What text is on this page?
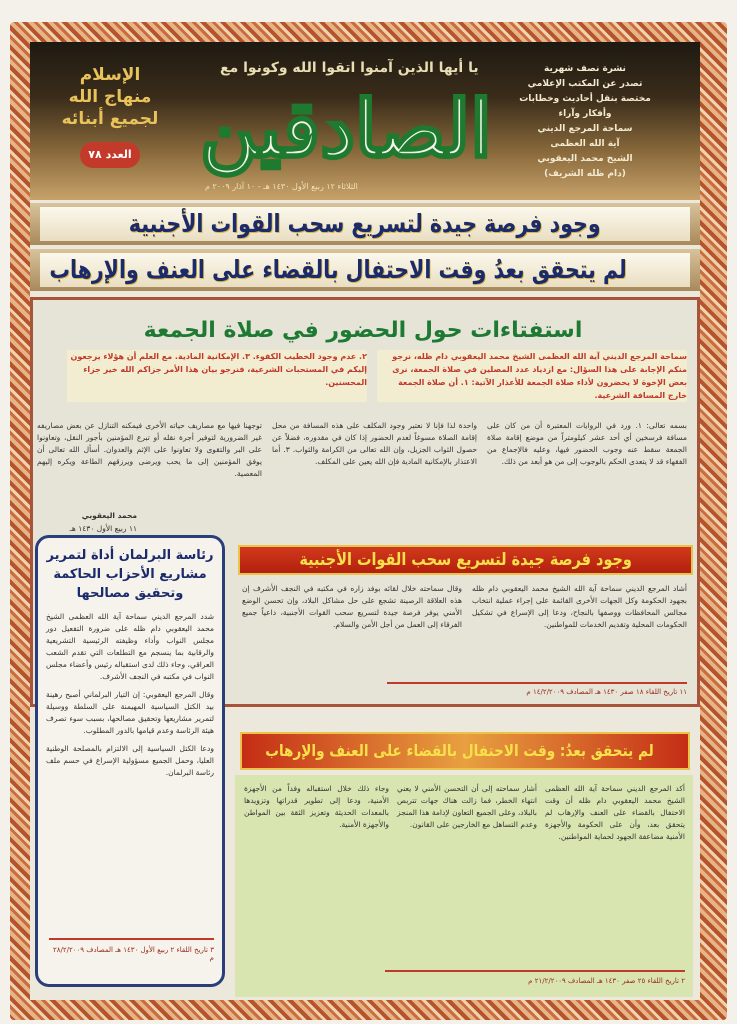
يا أيها الذين آمنوا اتقوا الله وكونوا مع
الصادقين
الثلاثاء ١٢ ربيع الأول ١٤٣٠ هـ - ١٠ آذار ٢٠٠٩ م
الإسلام
منهاج الله
لجميع أبنائه
العدد ٧٨
نشرة نصف شهرية
تصدر عن المكتب الإعلامي
مختصة بنقل أحاديث وخطابات
وأفكار وآراء
سماحة المرجع الديني
آية الله العظمى
الشيخ محمد اليعقوبي
(دام ظله الشريف)
وجود فرصة جيدة لتسريع سحب القوات الأجنبية
لم يتحقق بعدُ وقت الاحتفال بالقضاء على العنف والإرهاب
استفتاءات حول الحضور في صلاة الجمعة
سماحة المرجع الديني آية الله العظمى الشيخ محمد اليعقوبي دام ظله، نرجو منكم الإجابة على هذا السؤال: مع ازدياد عدد المصلين في صلاة الجمعة، نرى بعض الإخوة لا يحضرون لأداء صلاة الجمعة للأعذار الآتية: ١. أن صلاة الجمعة خارج المسافة الشرعية.
٢. عدم وجود الخطيب الكفوء. ٣. الإمكانية المادية. مع العلم أن هؤلاء يرجعون إليكم في المستحبات الشرعية، فنرجو بيان هذا الأمر جزاكم الله خير جزاء المحسنين.
بسمه تعالى: ١. ورد في الروايات المعتبرة أن من كان على مسافة فرسخين أي أحد عشر كيلومتراً من موضع إقامة صلاة الجمعة سقط عنه وجوب الحضور فيها، وعليه فالإجماع من الفقهاء قد لا يتعدى الحكم بالوجوب إلى من هو أبعد من ذلك.
واحدة لذا فإنا لا نعتبر وجود المكلف على هذه المسافة من محل إقامة الصلاة مسوغاً لعدم الحضور إذا كان في مقدوره، فضلاً عن حصول الثواب الجزيل، وإن الله تعالى من الكرامة والثواب. ٣. أما الاعتذار بالإمكانية المادية فإن الله يعين على المكلف.
توجهنا فيها مع مصاريف حياته الأخرى فيمكنه التنازل عن بعض مصاريفه غير الضرورية لتوفير أجرة نقله أو تبرع المؤمنين بأجور النقل، وتعاونوا على البر والتقوى ولا تعاونوا على الإثم والعدوان. أسأل الله تعالى أن يوفق المؤمنين إلى ما يحب ويرضى ويرزقهم الطاعة ويكره إليهم المعصية.
محمد اليعقوبي
١١ ربيع الأول ١٤٣٠ هـ
وجود فرصة جيدة لتسريع سحب القوات الأجنبية
أشاد المرجع الديني سماحة آية الله الشيخ محمد اليعقوبي دام ظله بجهود الحكومة وكل الجهات الأخرى القائمة على إجراء عملية انتخاب مجالس المحافظات ووصفها بالنجاح، ودعا إلى الإسراع في تشكيل الحكومات المحلية وتقديم الخدمات للمواطنين.
وقال سماحته خلال لقائه بوفد زاره في مكتبه في النجف الأشرف إن هذه العلاقة الرصينة تشجع على حل مشاكل البلاد، وإن تحسن الوضع الأمني يوفر فرصة جيدة لتسريع سحب القوات الأجنبية، داعياً جميع الفرقاء إلى العمل من أجل الأمن والسلام.
١١ تاريخ اللقاء ١٨ صفر ١٤٣٠ هـ المصادف ١٤/٢/٢٠٠٩ م
لم يتحقق بعدُ: وقت الاحتفال بالقضاء على العنف والإرهاب
أكد المرجع الديني سماحة آية الله العظمى الشيخ محمد اليعقوبي دام ظله أن وقت الاحتفال بالقضاء على العنف والإرهاب لم يتحقق بعد، وأن على الحكومة والأجهزة الأمنية مضاعفة الجهود لحماية المواطنين.
أشار سماحته إلى أن التحسن الأمني لا يعني انتهاء الخطر، فما زالت هناك جهات تتربص بالبلاد، وعلى الجميع التعاون لإدامة هذا المنجز وعدم التساهل مع الخارجين على القانون.
وجاء ذلك خلال استقباله وفداً من الأجهزة الأمنية، ودعا إلى تطوير قدراتها وتزويدها بالمعدات الحديثة وتعزيز الثقة بين المواطن والأجهزة الأمنية.
٢ تاريخ اللقاء ٢٥ صفر ١٤٣٠ هـ المصادف ٢١/٢/٢٠٠٩ م
رئاسة البرلمان أداة لتمرير مشاريع الأحزاب الحاكمة وتحقيق مصالحها
شدد المرجع الديني سماحة آية الله العظمى الشيخ محمد اليعقوبي دام ظله على ضرورة التفعيل دور مجلس النواب وأداء وظيفته الرئيسية التشريعية والرقابية بما ينسجم مع التطلعات التي تقدم الشعب العراقي، وجاء ذلك لدى استقباله رئيس وأعضاء مجلس النواب في مكتبه في النجف الأشرف.
وقال المرجع اليعقوبي: إن التيار البرلماني أصبح رهينة بيد الكتل السياسية المهيمنة على السلطة ووسيلة لتمرير مشاريعها وتحقيق مصالحها، بسبب سوء تصرف هيئة الرئاسة وعدم قيامها بالدور المطلوب.
ودعا الكتل السياسية إلى الالتزام بالمصلحة الوطنية العليا، وحمل الجميع مسؤولية الإسراع في حسم ملف رئاسة البرلمان.
٣ تاريخ اللقاء ٢ ربيع الأول ١٤٣٠ هـ المصادف ٢٨/٢/٢٠٠٩ م
